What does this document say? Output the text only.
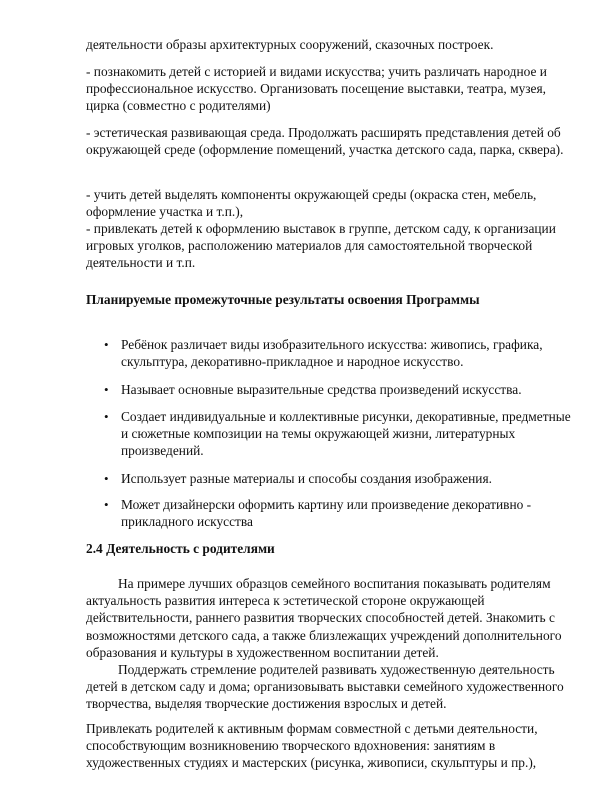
деятельности образы архитектурных сооружений, сказочных построек.

- познакомить детей с историей и видами искусства; учить различать народное и профессиональное искусство. Организовать посещение выставки, театра, музея, цирка (совместно с родителями)

- эстетическая развивающая среда. Продолжать расширять представления детей об окружающей среде (оформление помещений, участка детского сада, парка, сквера).

- учить детей выделять компоненты окружающей среды (окраска стен, мебель, оформление участка и т.п.),

- привлекать детей к оформлению выставок в группе, детском саду, к организации игровых уголков, расположению материалов для самостоятельной творческой деятельности и т.п.

Планируемые промежуточные результаты освоения Программы

• Ребёнок различает виды изобразительного искусства: живопись, графика, скульптура, декоративно-прикладное и народное искусство.

• Называет основные выразительные средства произведений искусства.

• Создает индивидуальные и коллективные рисунки, декоративные, предметные и сюжетные композиции на темы окружающей жизни, литературных произведений.

• Использует разные материалы и способы создания изображения.

• Может дизайнерски оформить картину или произведение декоративно - прикладного искусства

2.4 Деятельность с родителями

На примере лучших образцов семейного воспитания показывать родителям актуальность развития интереса к эстетической стороне окружающей действительности, раннего развития творческих способностей детей. Знакомить с возможностями детского сада, а также близлежащих учреждений дополнительного образования и культуры в художественном воспитании детей.

Поддержать стремление родителей развивать художественную деятельность детей в детском саду и дома; организовывать выставки семейного художественного творчества, выделяя творческие достижения взрослых и детей.

Привлекать родителей к активным формам совместной с детьми деятельности, способствующим возникновению творческого вдохновения: занятиям в художественных студиях и мастерских (рисунка, живописи, скульптуры и пр.),
